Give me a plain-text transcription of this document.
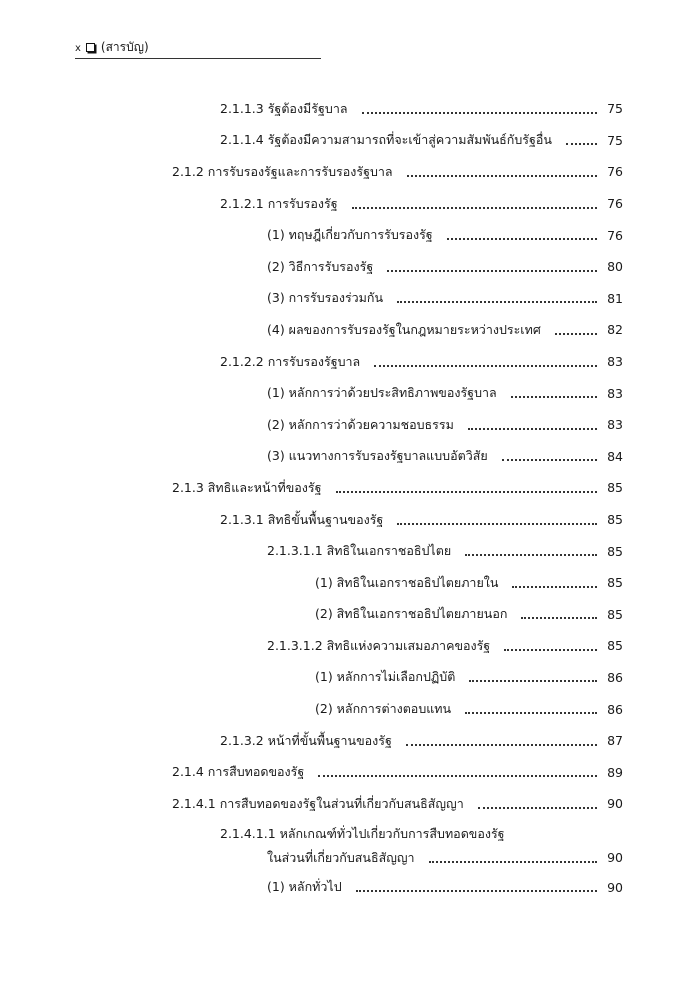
x (สารบัญ)
2.1.1.3 รัฐต้องมีรัฐบาล	75
2.1.1.4 รัฐต้องมีความสามารถที่จะเข้าสู่ความสัมพันธ์กับรัฐอื่น	75
2.1.2 การรับรองรัฐและการรับรองรัฐบาล	76
2.1.2.1 การรับรองรัฐ	76
(1) ทฤษฎีเกี่ยวกับการรับรองรัฐ	76
(2) วิธีการรับรองรัฐ	80
(3) การรับรองร่วมกัน	81
(4) ผลของการรับรองรัฐในกฎหมายระหว่างประเทศ	82
2.1.2.2 การรับรองรัฐบาล	83
(1) หลักการว่าด้วยประสิทธิภาพของรัฐบาล	83
(2) หลักการว่าด้วยความชอบธรรม	83
(3) แนวทางการรับรองรัฐบาลแบบอัตวิสัย	84
2.1.3 สิทธิและหน้าที่ของรัฐ	85
2.1.3.1 สิทธิขั้นพื้นฐานของรัฐ	85
2.1.3.1.1 สิทธิในเอกราชอธิปไตย	85
(1) สิทธิในเอกราชอธิปไตยภายใน	85
(2) สิทธิในเอกราชอธิปไตยภายนอก	85
2.1.3.1.2 สิทธิแห่งความเสมอภาคของรัฐ	85
(1) หลักการไม่เลือกปฏิบัติ	86
(2) หลักการต่างตอบแทน	86
2.1.3.2 หน้าที่ขั้นพื้นฐานของรัฐ	87
2.1.4 การสืบทอดของรัฐ	89
2.1.4.1 การสืบทอดของรัฐในส่วนที่เกี่ยวกับสนธิสัญญา	90
2.1.4.1.1 หลักเกณฑ์ทั่วไปเกี่ยวกับการสืบทอดของรัฐ
ในส่วนที่เกี่ยวกับสนธิสัญญา	90
(1) หลักทั่วไป	90
